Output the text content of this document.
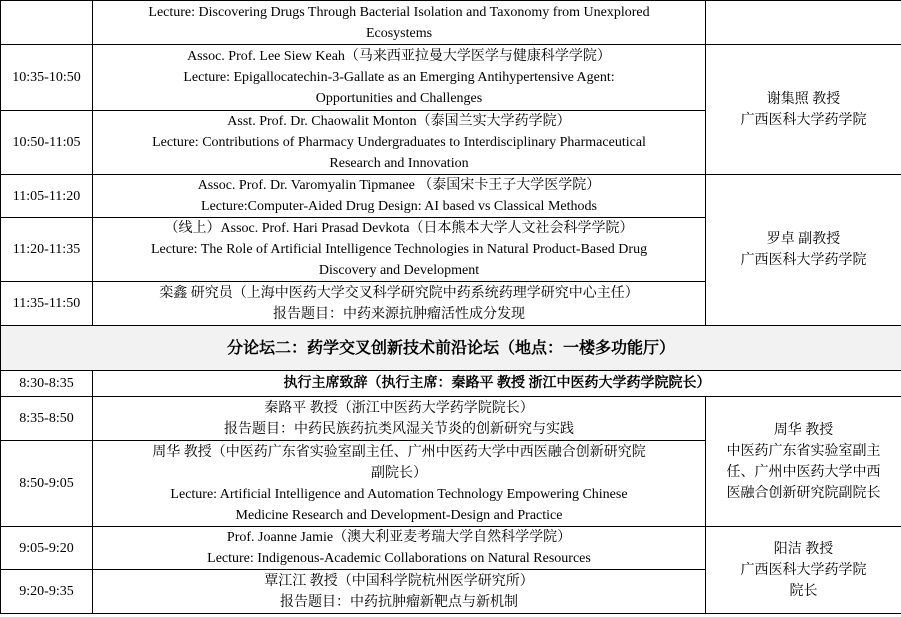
	Lecture: Discovering Drugs Through Bacterial Isolation and Taxonomy from Unexplored
Ecosystems	

10:35-10:50	Assoc. Prof. Lee Siew Keah（马来西亚拉曼大学医学与健康科学学院）
Lecture: Epigallocatechin-3-Gallate as an Emerging Antihypertensive Agent:
Opportunities and Challenges	谢集照 教授
广西医科大学药学院

10:50-11:05	Asst. Prof. Dr. Chaowalit Monton（泰国兰实大学药学院）
Lecture: Contributions of Pharmacy Undergraduates to Interdisciplinary Pharmaceutical
Research and Innovation	

11:05-11:20	Assoc. Prof. Dr. Varomyalin Tipmanee （泰国宋卡王子大学医学院）
Lecture:Computer-Aided Drug Design: AI based vs Classical Methods	罗卓 副教授
广西医科大学药学院

11:20-11:35	（线上）Assoc. Prof. Hari Prasad Devkota（日本熊本大学人文社会科学学院）
Lecture: The Role of Artificial Intelligence Technologies in Natural Product-Based Drug
Discovery and Development	

11:35-11:50	栾鑫 研究员（上海中医药大学交叉科学研究院中药系统药理学研究中心主任）
报告题目：中药来源抗肿瘤活性成分发现	

分论坛二：药学交叉创新技术前沿论坛（地点：一楼多功能厅）		
8:30-8:35	执行主席致辞（执行主席：秦路平 教授 浙江中医药大学药学院院长）	
8:35-8:50	秦路平 教授（浙江中医药大学药学院院长）
报告题目：中药民族药抗类风湿关节炎的创新研究与实践	周华 教授
中医药广东省实验室副主
任、广州中医药大学中西
医融合创新研究院副院长

8:50-9:05	周华 教授（中医药广东省实验室副主任、广州中医药大学中西医融合创新研究院
副院长）
Lecture: Artificial Intelligence and Automation Technology Empowering Chinese
Medicine Research and Development-Design and Practice	

9:05-9:20	Prof. Joanne Jamie（澳大利亚麦考瑞大学自然科学学院）
Lecture: Indigenous-Academic Collaborations on Natural Resources	阳洁 教授
广西医科大学药学院
院长

9:20-9:35	覃江江 教授（中国科学院杭州医学研究所）
报告题目：中药抗肿瘤新靶点与新机制	
